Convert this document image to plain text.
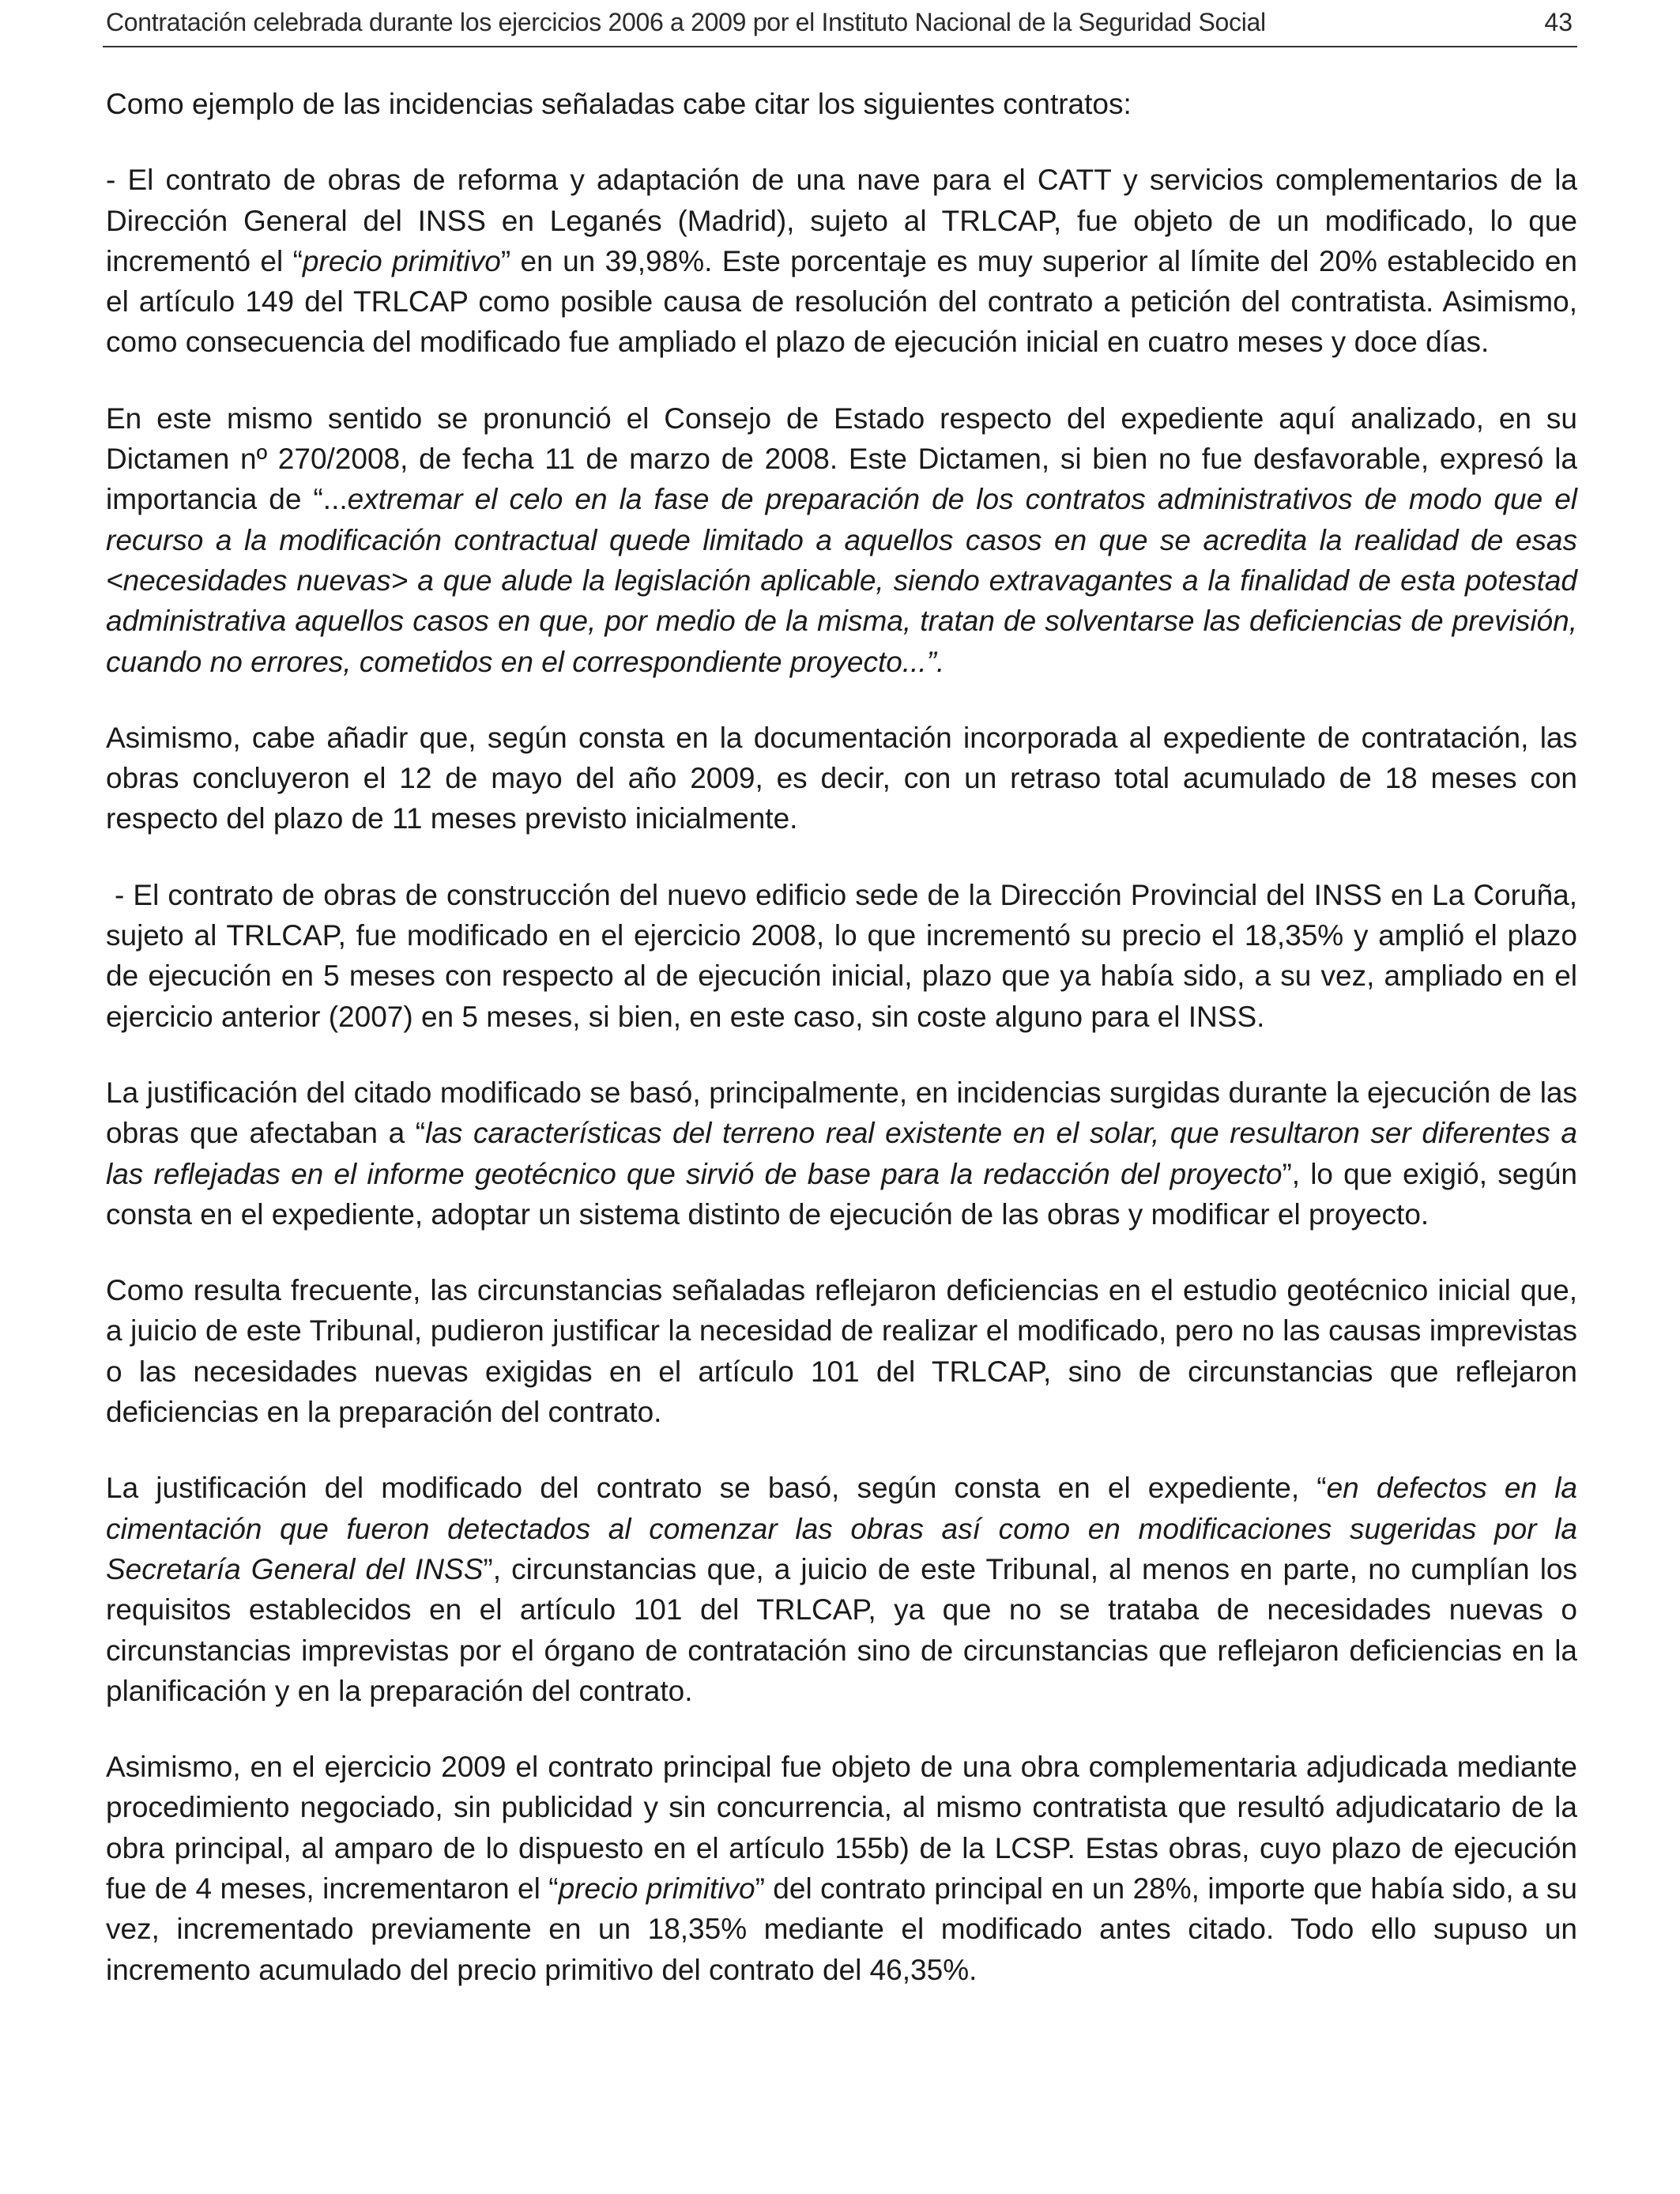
Contratación celebrada durante los ejercicios 2006 a 2009 por el Instituto Nacional de la Seguridad Social	43

Como ejemplo de las incidencias señaladas cabe citar los siguientes contratos:

- El contrato de obras de reforma y adaptación de una nave para el CATT y servicios complementarios de la Dirección General del INSS en Leganés (Madrid), sujeto al TRLCAP, fue objeto de un modificado, lo que incrementó el “precio primitivo” en un 39,98%. Este porcentaje es muy superior al límite del 20% establecido en el artículo 149 del TRLCAP como posible causa de resolución del contrato a petición del contratista. Asimismo, como consecuencia del modificado fue ampliado el plazo de ejecución inicial en cuatro meses y doce días.

En este mismo sentido se pronunció el Consejo de Estado respecto del expediente aquí analizado, en su Dictamen nº 270/2008, de fecha 11 de marzo de 2008. Este Dictamen, si bien no fue desfavorable, expresó la importancia de “...extremar el celo en la fase de preparación de los contratos administrativos de modo que el recurso a la modificación contractual quede limitado a aquellos casos en que se acredita la realidad de esas <necesidades nuevas> a que alude la legislación aplicable, siendo extravagantes a la finalidad de esta potestad administrativa aquellos casos en que, por medio de la misma, tratan de solventarse las deficiencias de previsión, cuando no errores, cometidos en el correspondiente proyecto...”.

Asimismo, cabe añadir que, según consta en la documentación incorporada al expediente de contratación, las obras concluyeron el 12 de mayo del año 2009, es decir, con un retraso total acumulado de 18 meses con respecto del plazo de 11 meses previsto inicialmente.

- El contrato de obras de construcción del nuevo edificio sede de la Dirección Provincial del INSS en La Coruña, sujeto al TRLCAP, fue modificado en el ejercicio 2008, lo que incrementó su precio el 18,35% y amplió el plazo de ejecución en 5 meses con respecto al de ejecución inicial, plazo que ya había sido, a su vez, ampliado en el ejercicio anterior (2007) en 5 meses, si bien, en este caso, sin coste alguno para el INSS.

La justificación del citado modificado se basó, principalmente, en incidencias surgidas durante la ejecución de las obras que afectaban a “las características del terreno real existente en el solar, que resultaron ser diferentes a las reflejadas en el informe geotécnico que sirvió de base para la redacción del proyecto”, lo que exigió, según consta en el expediente, adoptar un sistema distinto de ejecución de las obras y modificar el proyecto.

Como resulta frecuente, las circunstancias señaladas reflejaron deficiencias en el estudio geotécnico inicial que, a juicio de este Tribunal, pudieron justificar la necesidad de realizar el modificado, pero no las causas imprevistas o las necesidades nuevas exigidas en el artículo 101 del TRLCAP, sino de circunstancias que reflejaron deficiencias en la preparación del contrato.

La justificación del modificado del contrato se basó, según consta en el expediente, “en defectos en la cimentación que fueron detectados al comenzar las obras así como en modificaciones sugeridas por la Secretaría General del INSS”, circunstancias que, a juicio de este Tribunal, al menos en parte, no cumplían los requisitos establecidos en el artículo 101 del TRLCAP, ya que no se trataba de necesidades nuevas o circunstancias imprevistas por el órgano de contratación sino de circunstancias que reflejaron deficiencias en la planificación y en la preparación del contrato.

Asimismo, en el ejercicio 2009 el contrato principal fue objeto de una obra complementaria adjudicada mediante procedimiento negociado, sin publicidad y sin concurrencia, al mismo contratista que resultó adjudicatario de la obra principal, al amparo de lo dispuesto en el artículo 155b) de la LCSP. Estas obras, cuyo plazo de ejecución fue de 4 meses, incrementaron el “precio primitivo” del contrato principal en un 28%, importe que había sido, a su vez, incrementado previamente en un 18,35% mediante el modificado antes citado. Todo ello supuso un incremento acumulado del precio primitivo del contrato del 46,35%.
